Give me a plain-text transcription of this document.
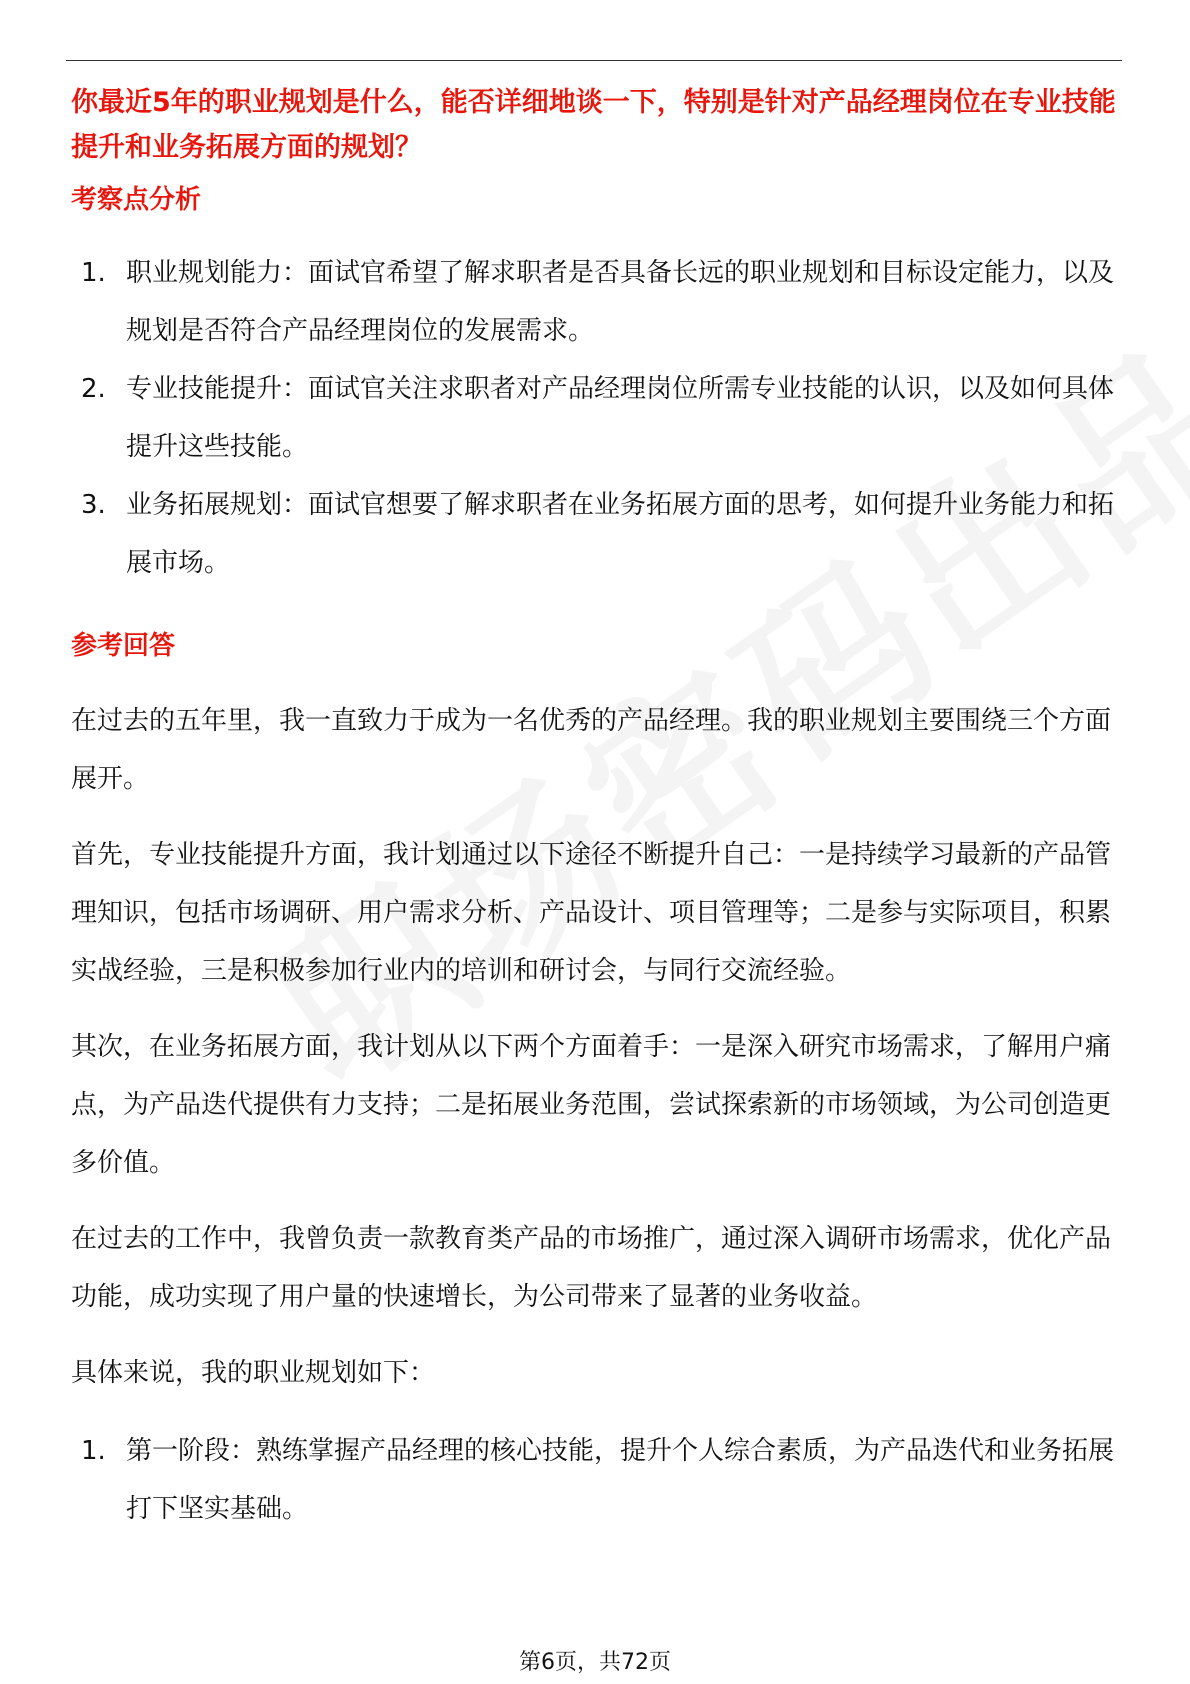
你最近5年的职业规划是什么，能否详细地谈一下，特别是针对产品经理岗位在专业技能提升和业务拓展方面的规划？

考察点分析
1. 职业规划能力：面试官希望了解求职者是否具备长远的职业规划和目标设定能力，以及规划是否符合产品经理岗位的发展需求。
2. 专业技能提升：面试官关注求职者对产品经理岗位所需专业技能的认识，以及如何具体提升这些技能。
3. 业务拓展规划：面试官想要了解求职者在业务拓展方面的思考，如何提升业务能力和拓展市场。
参考回答

在过去的五年里，我一直致力于成为一名优秀的产品经理。我的职业规划主要围绕三个方面展开。

首先，专业技能提升方面，我计划通过以下途径不断提升自己：一是持续学习最新的产品管理知识，包括市场调研、用户需求分析、产品设计、项目管理等；二是参与实际项目，积累实战经验，三是积极参加行业内的培训和研讨会，与同行交流经验。

其次，在业务拓展方面，我计划从以下两个方面着手：一是深入研究市场需求，了解用户痛点，为产品迭代提供有力支持；二是拓展业务范围，尝试探索新的市场领域，为公司创造更多价值。

在过去的工作中，我曾负责一款教育类产品的市场推广，通过深入调研市场需求，优化产品功能，成功实现了用户量的快速增长，为公司带来了显著的业务收益。

具体来说，我的职业规划如下：

1. 第一阶段：熟练掌握产品经理的核心技能，提升个人综合素质，为产品迭代和业务拓展打下坚实基础。
第6页，共72页
